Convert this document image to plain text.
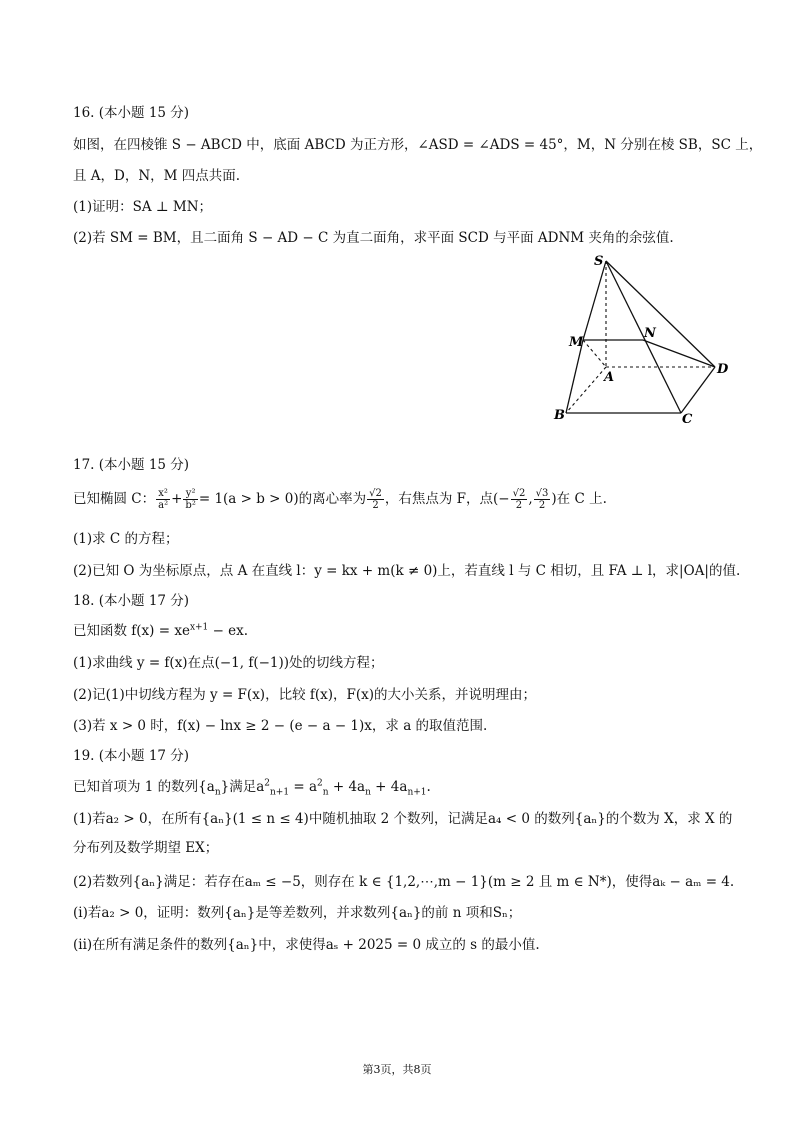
16. (本小题 15 分)
如图，在四棱锥 S − ABCD 中，底面 ABCD 为正方形，∠ASD = ∠ADS = 45°，M，N 分别在棱 SB，SC 上，
且 A，D，N，M 四点共面.
(1)证明：SA ⊥ MN；
(2)若 SM = BM，且二面角 S − AD − C 为直二面角，求平面 SCD 与平面 ADNM 夹角的余弦值.
S
M
N
A
D
B	C
17. (本小题 15 分)
已知椭圆 C： $\frac{\text{x²}}{\text{a²}} + \frac{\text{y²}}{\text{b²}} = 1(a > b > 0)$的离心率为 $\frac{√2}{2}$ ，右焦点为 F，点(− $\frac{√2}{2}$ , $\frac{√3}{2}$ )在 C 上.
(1)求 C 的方程；
(2)已知 O 为坐标原点，点 A 在直线 l：y = kx + m(k ≠ 0)上，若直线 l 与 C 相切，且 FA ⊥ l，求|OA|的值.
18. (本小题 17 分)
已知函数 $f(x) = xe^{x+1}$ − ex.
(1)求曲线 y = f(x)在点(−1, f(−1))处的切线方程；
(2)记(1)中切线方程为 y = F(x)，比较 f(x)，F(x)的大小关系，并说明理由；
(3)若 x > 0 时，f(x) − lnx ≥ 2 − (e − a − 1)x，求 a 的取值范围.
19. (本小题 17 分)
已知首项为 1 的数列$\{a_n\}$满足$a^2_{n+1} = a^2_n + 4a_n + 4a_{n+1}$.
(1)若a₂ > 0，在所有{aₙ}(1 ≤ n ≤ 4)中随机抽取 2 个数列，记满足a₄ < 0 的数列{aₙ}的个数为 X，求 X 的
分布列及数学期望 EX；
(2)若数列{aₙ}满足：若存在aₘ ≤ −5，则存在 k ∈ {1,2,⋯,m − 1}(m ≥ 2 且 m ∈ N*)，使得aₖ − aₘ = 4.
(i)若a₂ > 0，证明：数列{aₙ}是等差数列，并求数列{aₙ}的前 n 项和Sₙ；
(ii)在所有满足条件的数列{aₙ}中，求使得aₛ + 2025 = 0 成立的 s 的最小值.
第3页，共8页
